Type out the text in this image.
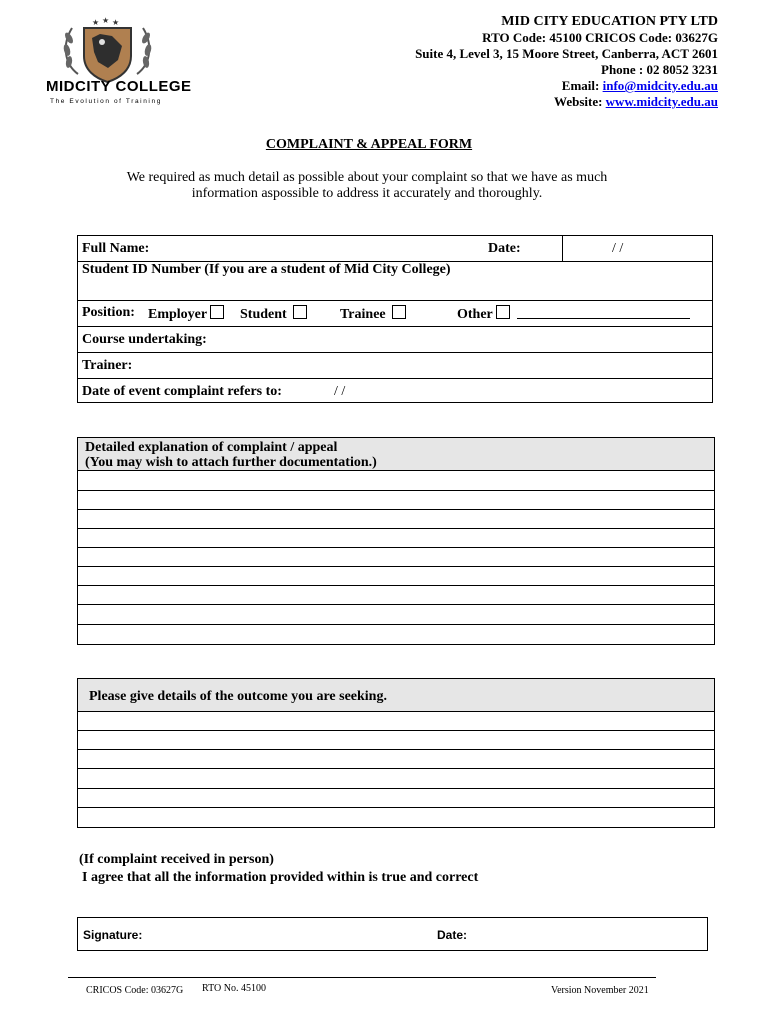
★ ★ ★
MIDCITY COLLEGE
The Evolution of Training
MID CITY EDUCATION PTY LTD
RTO Code: 45100 CRICOS Code: 03627G
Suite 4, Level 3, 15 Moore Street, Canberra, ACT 2601
Phone : 02 8052 3231
Email: info@midcity.edu.au
Website: www.midcity.edu.au
COMPLAINT & APPEAL FORM
We required as much detail as possible about your complaint so that we have as much
information aspossible to address it accurately and thoroughly.
Full Name:	Date:	/ /
Student ID Number (If you are a student of Mid City College)
Position: Employer	Student	Trainee	Other
Course undertaking:
Trainer:
Date of event complaint refers to:	/ /
Detailed explanation of complaint / appeal
(You may wish to attach further documentation.)
Please give details of the outcome you are seeking.
(If complaint received in person)
I agree that all the information provided within is true and correct
Signature:	Date:
CRICOS Code: 03627G RTO No. 45100	Version November 2021
